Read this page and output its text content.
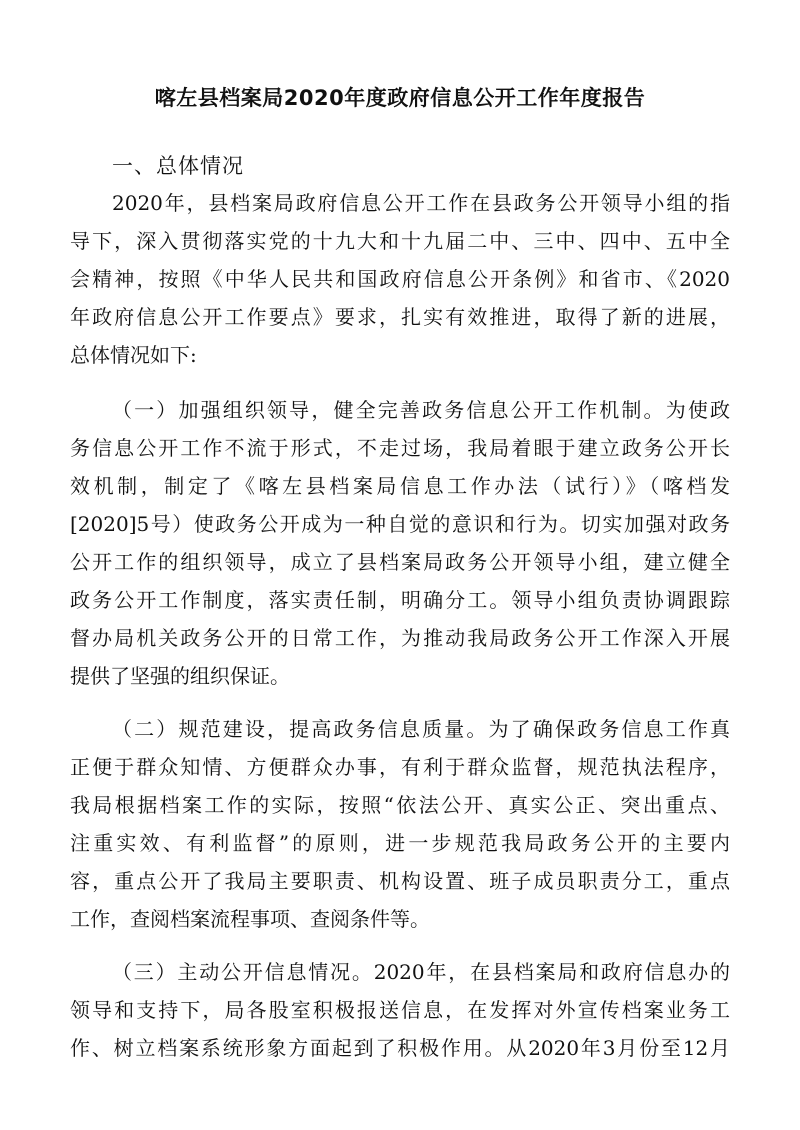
喀左县档案局2020年度政府信息公开工作年度报告
一、总体情况
2020年，县档案局政府信息公开工作在县政务公开领导小组的指
导下，深入贯彻落实党的十九大和十九届二中、三中、四中、五中全
会精神，按照《中华人民共和国政府信息公开条例》和省市、《2020
年政府信息公开工作要点》要求，扎实有效推进，取得了新的进展，
总体情况如下:
（一）加强组织领导，健全完善政务信息公开工作机制。为使政
务信息公开工作不流于形式，不走过场，我局着眼于建立政务公开长
效机制，制定了《喀左县档案局信息工作办法（试行）》（喀档发
[2020]5号）使政务公开成为一种自觉的意识和行为。切实加强对政务
公开工作的组织领导，成立了县档案局政务公开领导小组，建立健全
政务公开工作制度，落实责任制，明确分工。领导小组负责协调跟踪
督办局机关政务公开的日常工作，为推动我局政务公开工作深入开展
提供了坚强的组织保证。
（二）规范建设，提高政务信息质量。为了确保政务信息工作真
正便于群众知情、方便群众办事，有利于群众监督，规范执法程序，
我局根据档案工作的实际，按照“依法公开、真实公正、突出重点、
注重实效、有利监督”的原则，进一步规范我局政务公开的主要内
容，重点公开了我局主要职责、机构设置、班子成员职责分工，重点
工作，查阅档案流程事项、查阅条件等。
（三）主动公开信息情况。2020年，在县档案局和政府信息办的
领导和支持下，局各股室积极报送信息，在发挥对外宣传档案业务工
作、树立档案系统形象方面起到了积极作用。从2020年3月份至12月
